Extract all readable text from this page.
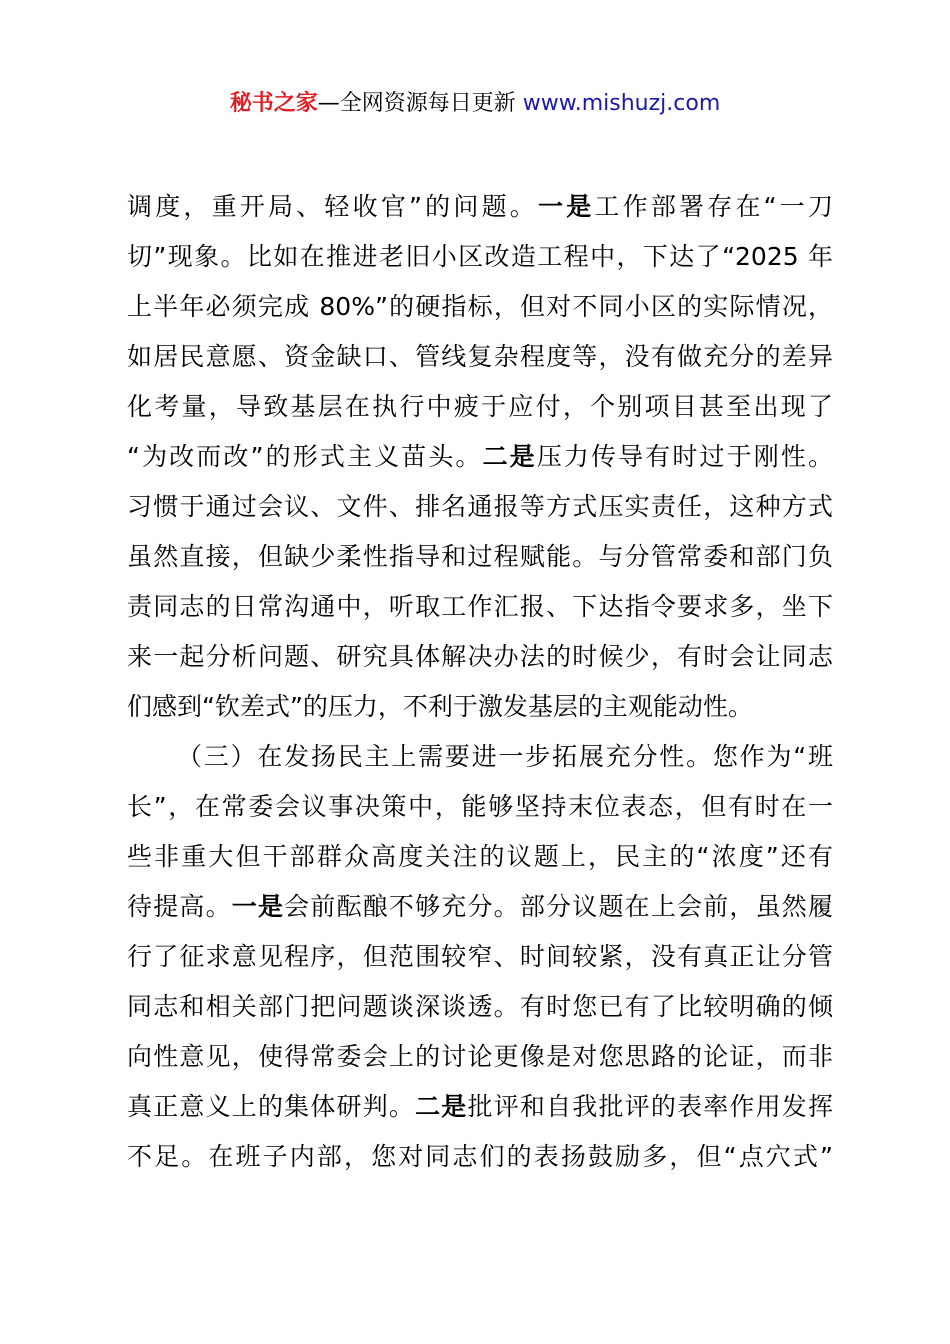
秘书之家—全网资源每日更新 www.mishuzj.com
调度，重开局、轻收官”的问题。一是工作部署存在“一刀
切”现象。比如在推进老旧小区改造工程中，下达了“2025 年
上半年必须完成 80%”的硬指标，但对不同小区的实际情况，
如居民意愿、资金缺口、管线复杂程度等，没有做充分的差异
化考量，导致基层在执行中疲于应付，个别项目甚至出现了
“为改而改”的形式主义苗头。二是压力传导有时过于刚性。
习惯于通过会议、文件、排名通报等方式压实责任，这种方式
虽然直接，但缺少柔性指导和过程赋能。与分管常委和部门负
责同志的日常沟通中，听取工作汇报、下达指令要求多，坐下
来一起分析问题、研究具体解决办法的时候少，有时会让同志
们感到“钦差式”的压力，不利于激发基层的主观能动性。
（三）在发扬民主上需要进一步拓展充分性。您作为“班
长”，在常委会议事决策中，能够坚持末位表态，但有时在一
些非重大但干部群众高度关注的议题上，民主的“浓度”还有
待提高。一是会前酝酿不够充分。部分议题在上会前，虽然履
行了征求意见程序，但范围较窄、时间较紧，没有真正让分管
同志和相关部门把问题谈深谈透。有时您已有了比较明确的倾
向性意见，使得常委会上的讨论更像是对您思路的论证，而非
真正意义上的集体研判。二是批评和自我批评的表率作用发挥
不足。在班子内部，您对同志们的表扬鼓励多，但“点穴式”
